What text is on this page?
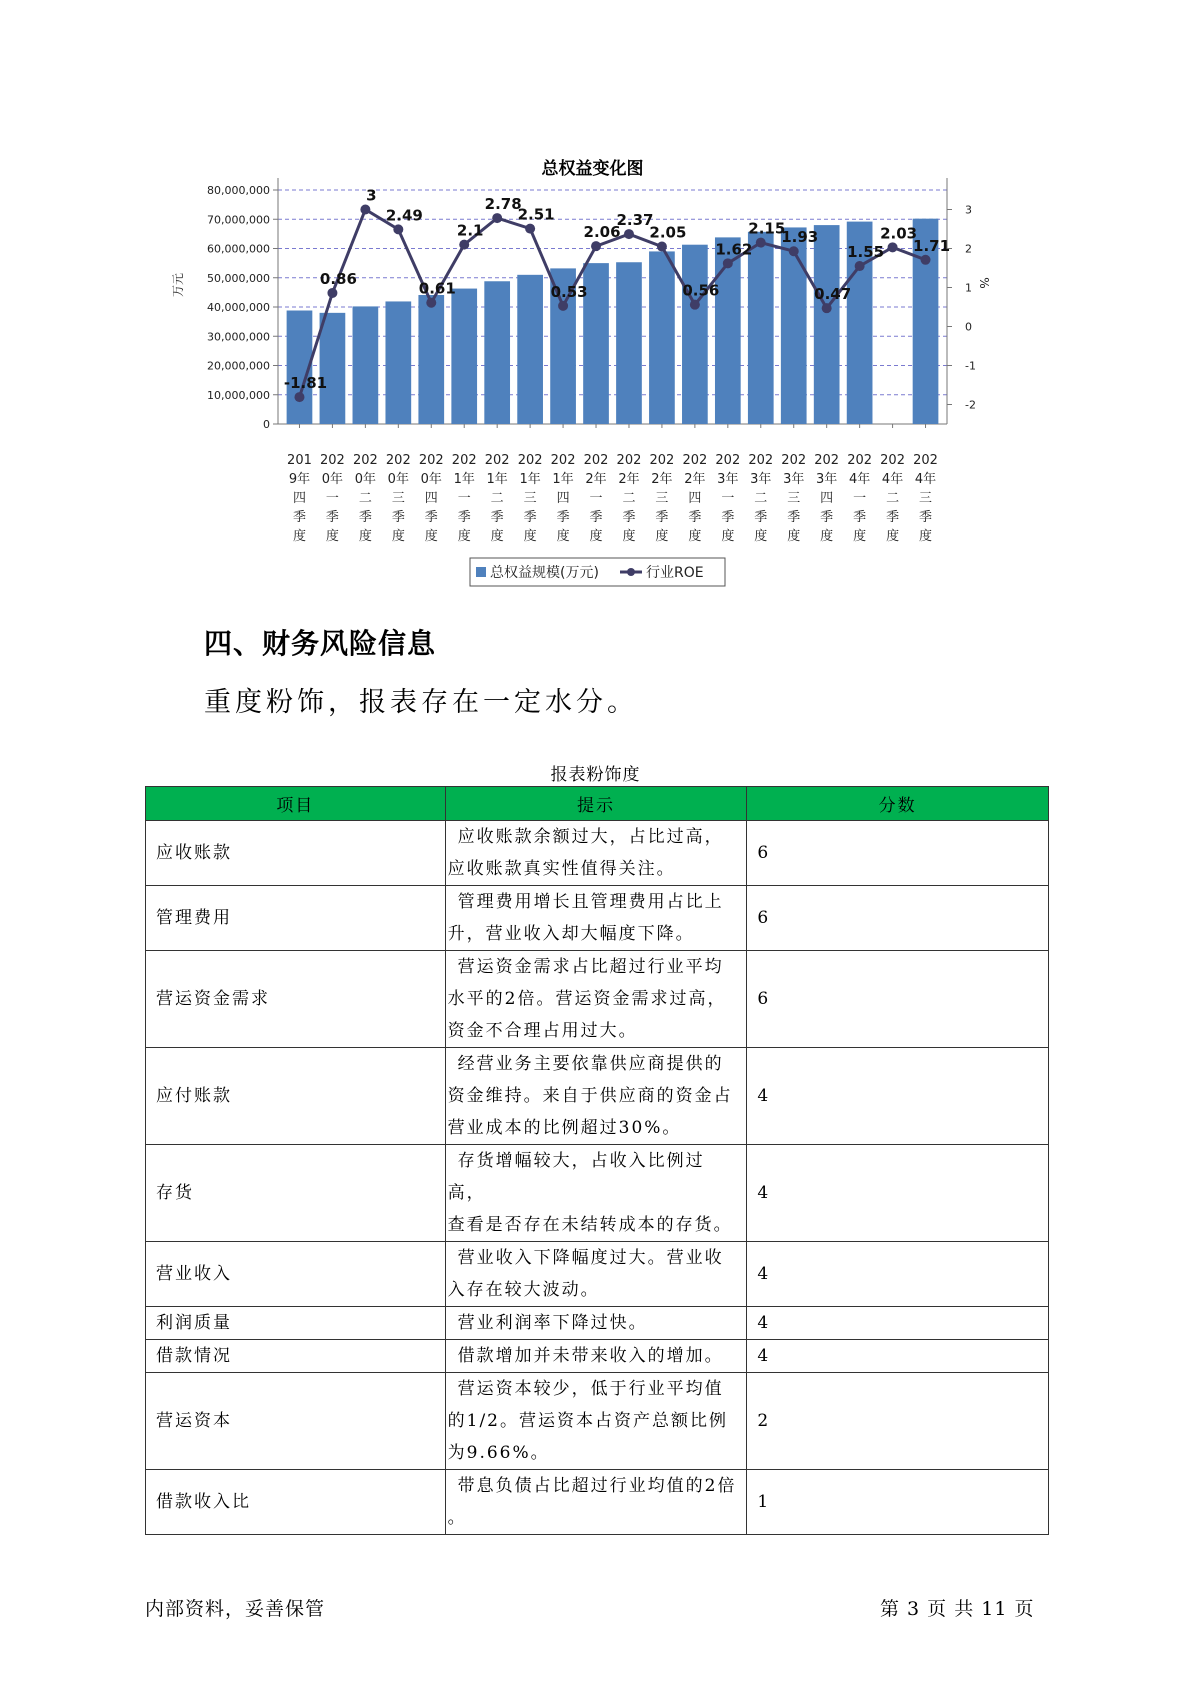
总权益变化图
80,000,000
70,000,000
60,000,000
50,000,000
40,000,000
30,000,000
20,000,000
10,000,000
0
3
2
1
0
-1
-2
万元	%
201
9年
四
季
度
202
0年
一
季
度
202
0年
二
季
度
202
0年
三
季
度
202
0年
四
季
度
202
1年
一
季
度
202
1年
二
季
度
202
1年
三
季
度
202
1年
四
季
度
202
2年
一
季
度
202
2年
二
季
度
202
2年
三
季
度
202
2年
四
季
度
202
3年
一
季
度
202
3年
二
季
度
202
3年
三
季
度
202
3年
四
季
度
202
4年
一
季
度
202
4年
二
季
度
202
4年
三
季
度
-1.81
0.86
3
2.49
0.61
2.1
2.78
2.51
0.53
2.06
2.37
2.05
0.56
1.62
2.15
1.93
0.47
1.55
2.03
1.71
总权益规模(万元)	行业ROE
四、财务风险信息

重度粉饰，报表存在一定水分。

报表粉饰度
项目	提示	分数
应收账款	应收账款余额过大，占比过高，
应收账款真实性值得关注。	6
管理费用	管理费用增长且管理费用占比上
升，营业收入却大幅度下降。	6
营运资金需求	营运资金需求占比超过行业平均
水平的2倍。营运资金需求过高，
资金不合理占用过大。	6
应付账款	经营业务主要依靠供应商提供的
资金维持。来自于供应商的资金占
营业成本的比例超过30%。	4
存货	存货增幅较大，占收入比例过高，
查看是否存在未结转成本的存货。	4
营业收入	营业收入下降幅度过大。营业收
入存在较大波动。	4
利润质量	营业利润率下降过快。	4
借款情况	借款增加并未带来收入的增加。	4
营运资本	营运资本较少，低于行业平均值
的1/2。营运资本占资产总额比例
为9.66%。	2
借款收入比	带息负债占比超过行业均值的2倍
。	1
内部资料，妥善保管	第 3 页 共 11 页
